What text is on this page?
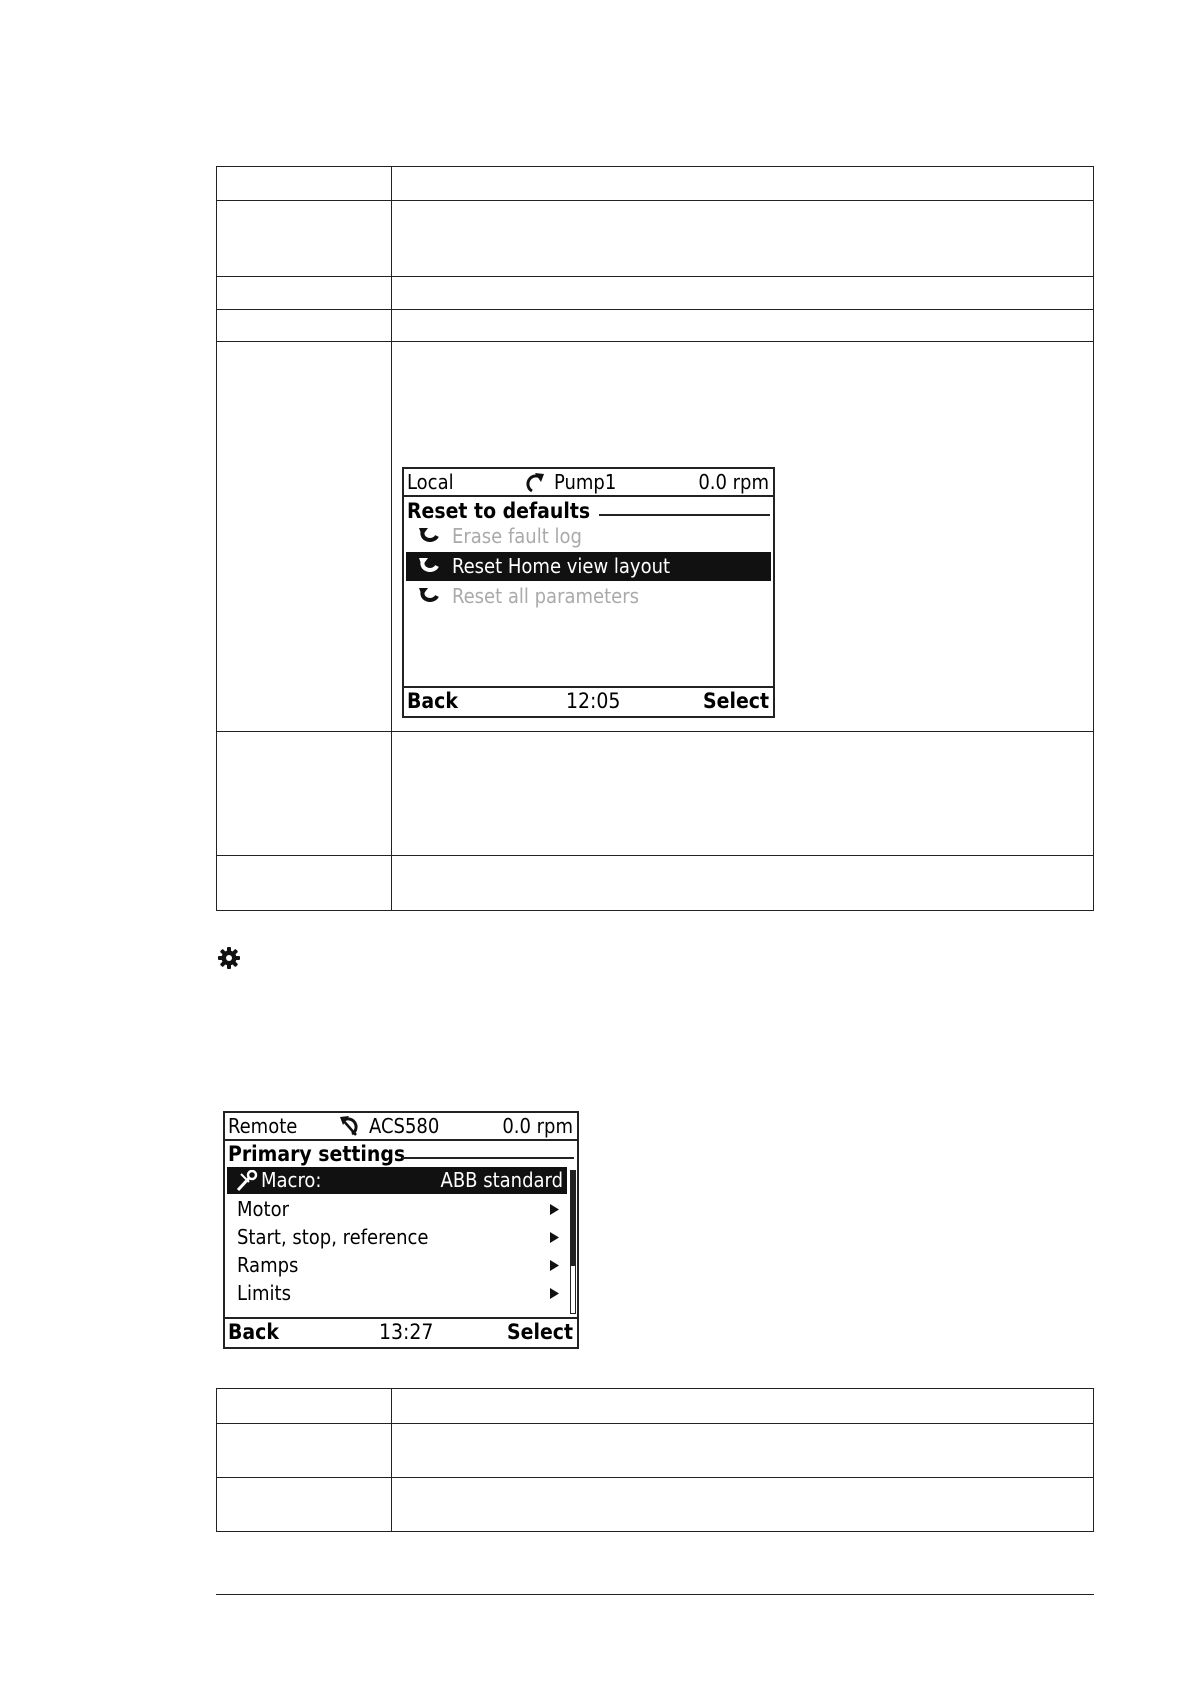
Local	Pump1	0.0 rpm
Reset to defaults
Erase fault log
Reset Home view layout
Reset all parameters
Back	12:05	Select
Remote	ACS580	0.0 rpm
Primary settings
Macro:	ABB standard
Motor
Start, stop, reference
Ramps
Limits
Back	13:27	Select
